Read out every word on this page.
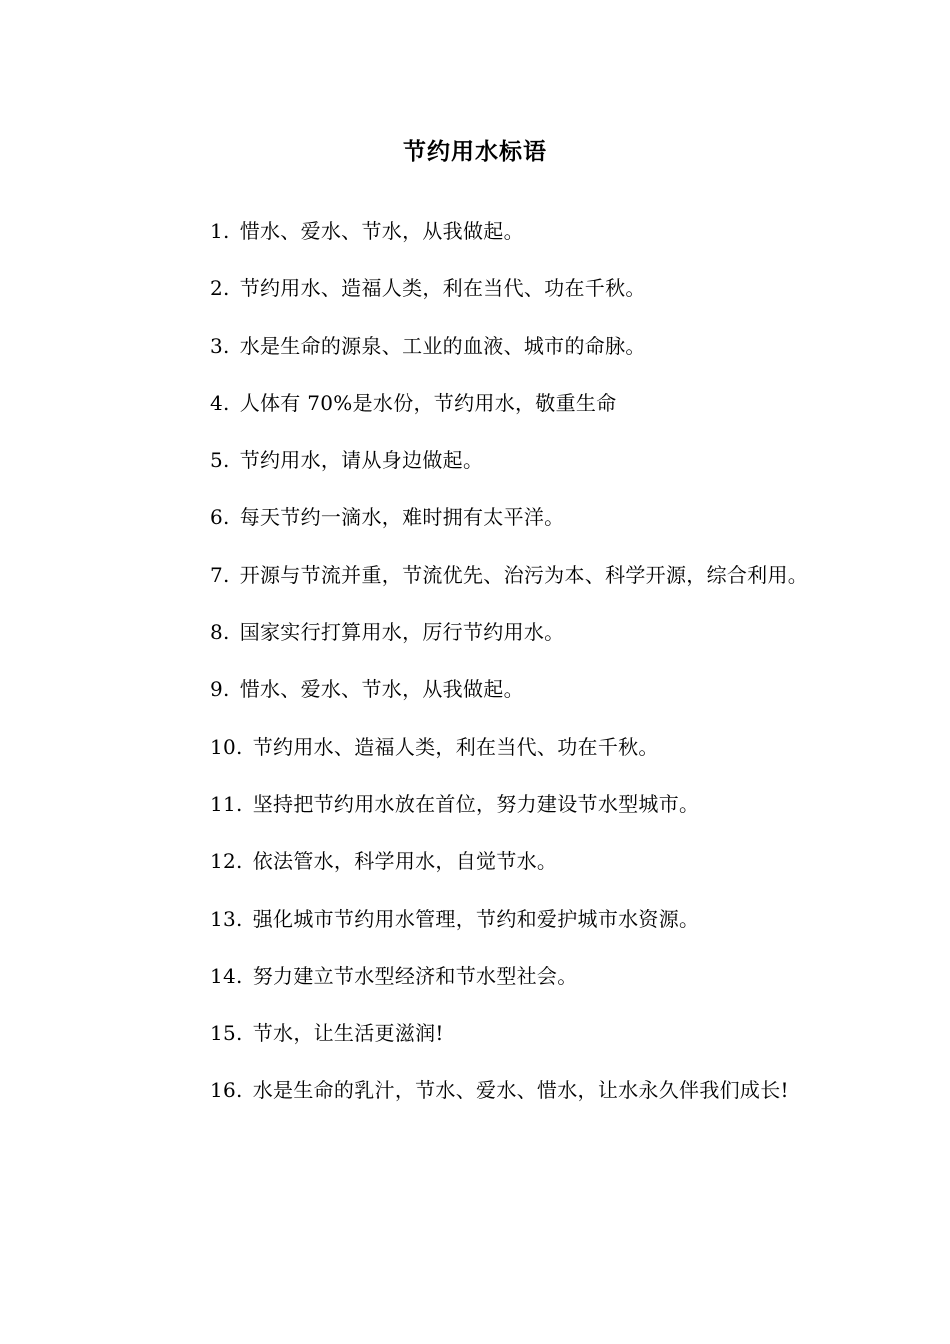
节约用水标语

1. 惜水、爱水、节水，从我做起。

2. 节约用水、造福人类，利在当代、功在千秋。

3. 水是生命的源泉、工业的血液、城市的命脉。

4. 人体有 70%是水份，节约用水，敬重生命

5. 节约用水，请从身边做起。

6. 每天节约一滴水，难时拥有太平洋。

7. 开源与节流并重，节流优先、治污为本、科学开源，综合利用。

8. 国家实行打算用水，厉行节约用水。

9. 惜水、爱水、节水，从我做起。

10. 节约用水、造福人类，利在当代、功在千秋。

11. 坚持把节约用水放在首位，努力建设节水型城市。

12. 依法管水，科学用水，自觉节水。

13. 强化城市节约用水管理，节约和爱护城市水资源。

14. 努力建立节水型经济和节水型社会。

15. 节水，让生活更滋润!

16. 水是生命的乳汁，节水、爱水、惜水，让水永久伴我们成长!
